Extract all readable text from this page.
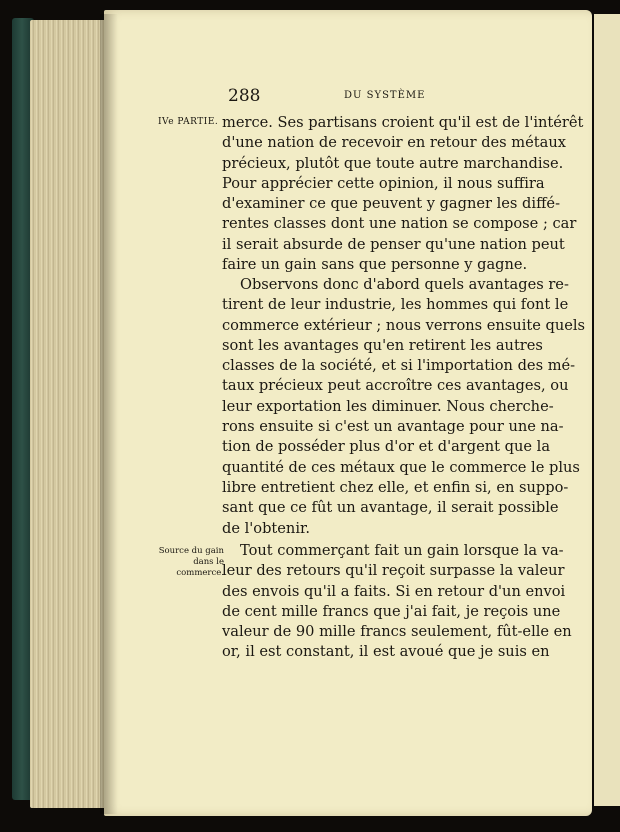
288	DU SYSTÈME
IVe PARTIE.
Source du gain
dans le
commerce.
merce. Ses partisans croient qu'il est de l'intérêt
d'une nation de recevoir en retour des métaux
précieux, plutôt que toute autre marchandise.
Pour apprécier cette opinion, il nous suffira
d'examiner ce que peuvent y gagner les diffé-
rentes classes dont une nation se compose ; car
il serait absurde de penser qu'une nation peut
faire un gain sans que personne y gagne.
Observons donc d'abord quels avantages re-
tirent de leur industrie, les hommes qui font le
commerce extérieur ; nous verrons ensuite quels
sont les avantages qu'en retirent les autres
classes de la société, et si l'importation des mé-
taux précieux peut accroître ces avantages, ou
leur exportation les diminuer. Nous cherche-
rons ensuite si c'est un avantage pour une na-
tion de posséder plus d'or et d'argent que la
quantité de ces métaux que le commerce le plus
libre entretient chez elle, et enfin si, en suppo-
sant que ce fût un avantage, il serait possible
de l'obtenir.
Tout commerçant fait un gain lorsque la va-
leur des retours qu'il reçoit surpasse la valeur
des envois qu'il a faits. Si en retour d'un envoi
de cent mille francs que j'ai fait, je reçois une
valeur de 90 mille francs seulement, fût-elle en
or, il est constant, il est avoué que je suis en
